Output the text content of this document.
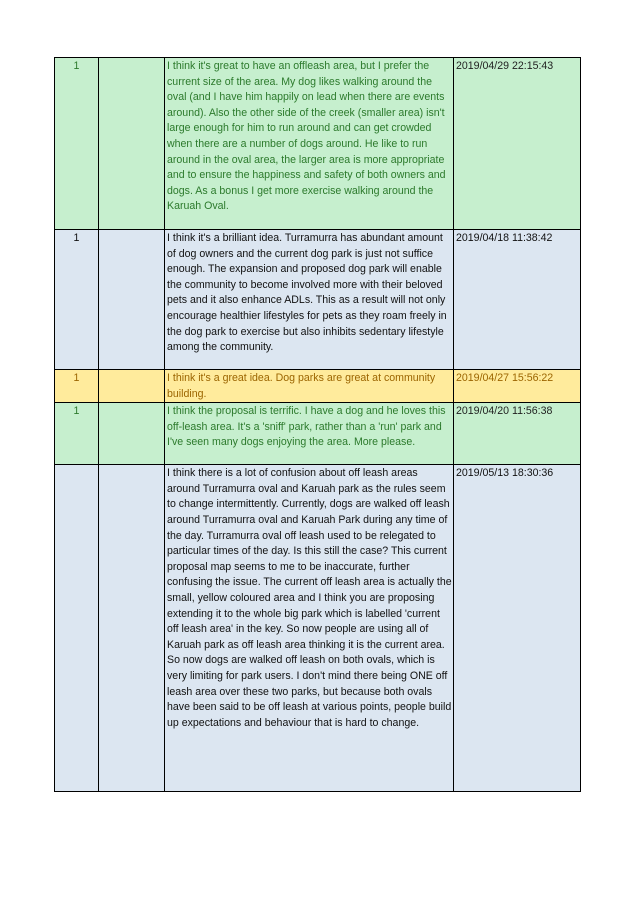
1		I think it's great to have an offleash area, but I prefer the current size of the area. My dog likes walking around the oval (and I have him happily on lead when there are events around). Also the other side of the creek (smaller area) isn't large enough for him to run around and can get crowded when there are a number of dogs around. He like to run around in the oval area, the larger area is more appropriate and to ensure the happiness and safety of both owners and dogs. As a bonus I get more exercise walking around the Karuah Oval.	2019/04/29 22:15:43
1		I think it's a brilliant idea. Turramurra has abundant amount of dog owners and the current dog park is just not suffice enough. The expansion and proposed dog park will enable the community to become involved more with their beloved pets and it also enhance ADLs. This as a result will not only encourage healthier lifestyles for pets as they roam freely in the dog park to exercise but also inhibits sedentary lifestyle among the community.	2019/04/18 11:38:42
1		I think it's a great idea. Dog parks are great at community building.	2019/04/27 15:56:22
1		I think the proposal is terrific. I have a dog and he loves this off-leash area. It's a 'sniff' park, rather than a 'run' park and I've seen many dogs enjoying the area. More please.	2019/04/20 11:56:38
		I think there is a lot of confusion about off leash areas around Turramurra oval and Karuah park as the rules seem to change intermittently. Currently, dogs are walked off leash around Turramurra oval and Karuah Park during any time of the day. Turramurra oval off leash used to be relegated to particular times of the day. Is this still the case? This current proposal map seems to me to be inaccurate, further confusing the issue. The current off leash area is actually the small, yellow coloured area and I think you are proposing extending it to the whole big park which is labelled 'current off leash area' in the key. So now people are using all of Karuah park as off leash area thinking it is the current area. So now dogs are walked off leash on both ovals, which is very limiting for park users. I don't mind there being ONE off leash area over these two parks, but because both ovals have been said to be off leash at various points, people build up expectations and behaviour that is hard to change.	2019/05/13 18:30:36
